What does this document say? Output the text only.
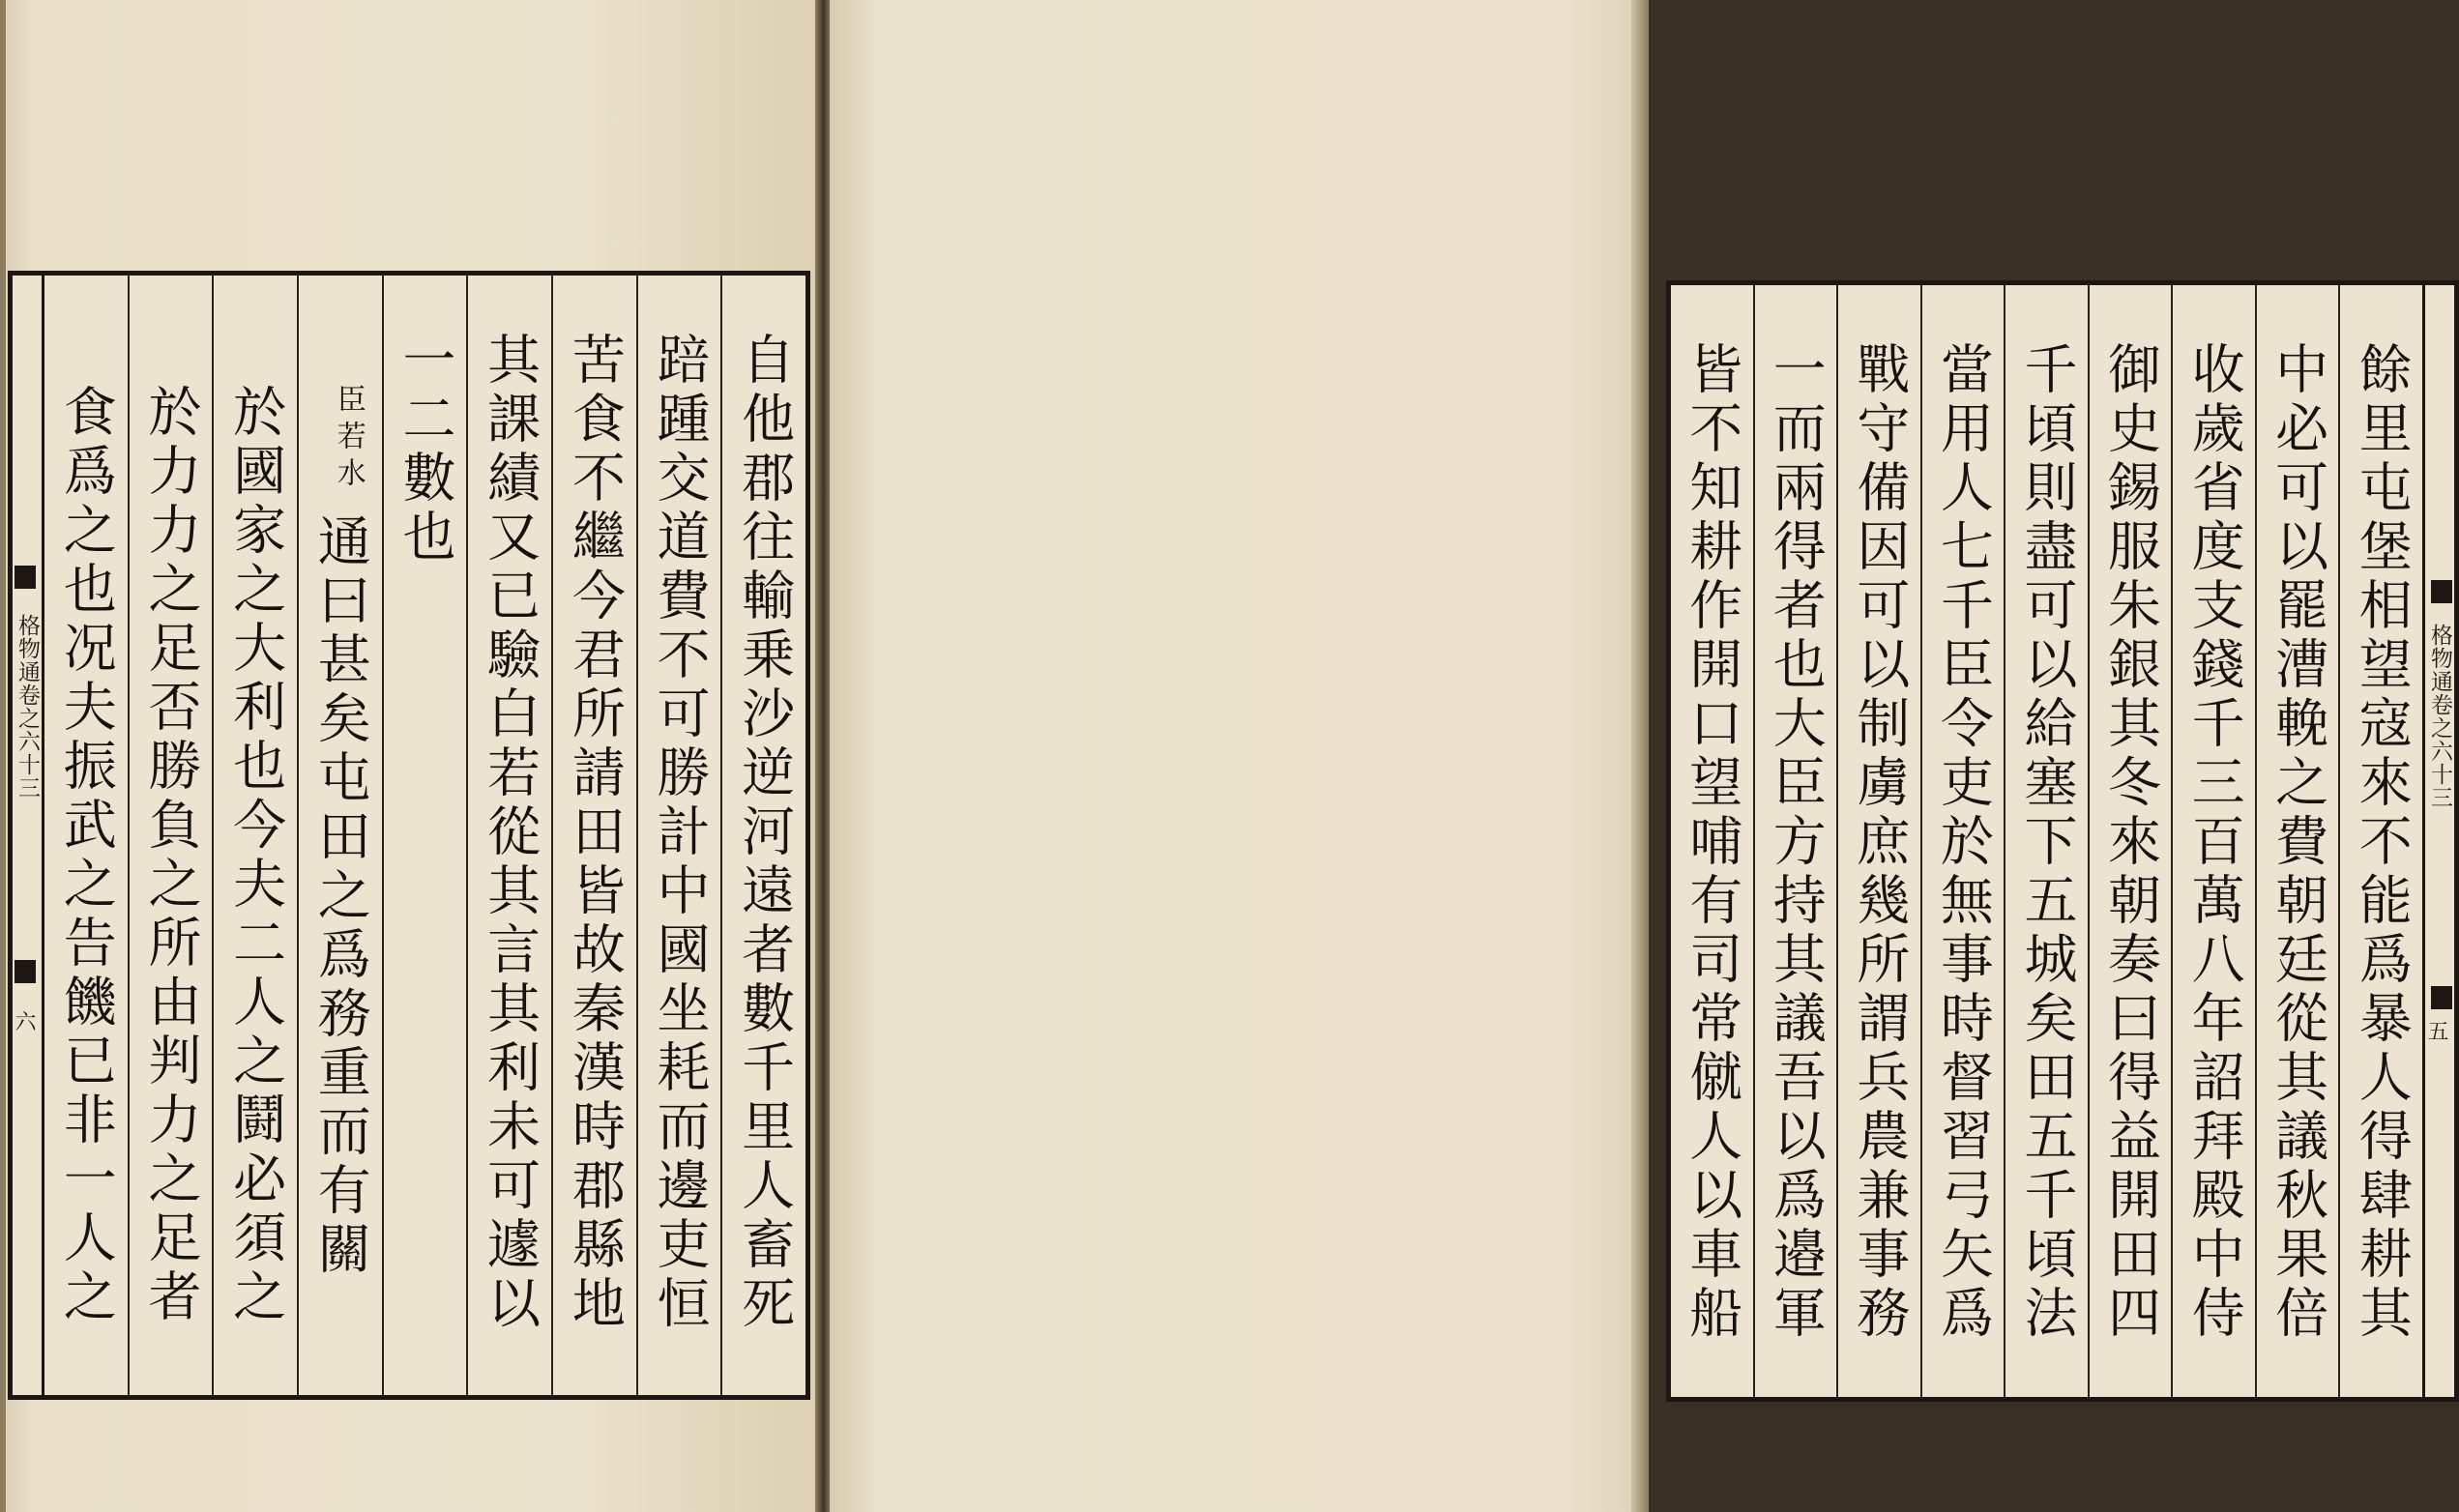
格物通卷之六十三
六	自他郡往輸乗沙逆河遠者數千里人畜死
踣踵交道費不可勝計中國坐耗而邊吏恒
苦食不繼今君所請田皆故秦漢時郡縣地
其課績又已驗白若從其言其利未可遽以
一二數也
臣若水
通曰甚矣屯田之爲務重而有關
於國家之大利也今夫二人之鬪必須之
於力力之足否勝負之所由判力之足者
食爲之也况夫振武之告饑已非一人之	格物通卷之六十三
五
餘里屯堡相望寇來不能爲暴人得肆耕其
中必可以罷漕輓之費朝廷從其議秋果倍
收歲省度支錢千三百萬八年詔拜殿中侍
御史錫服朱銀其冬來朝奏曰得益開田四
千頃則盡可以給塞下五城矣田五千頃法
當用人七千臣令吏於無事時督習弓矢爲
戰守備因可以制虜庶幾所謂兵農兼事務
一而兩得者也大臣方持其議吾以爲邉軍
皆不知耕作開口望哺有司常僦人以車船
